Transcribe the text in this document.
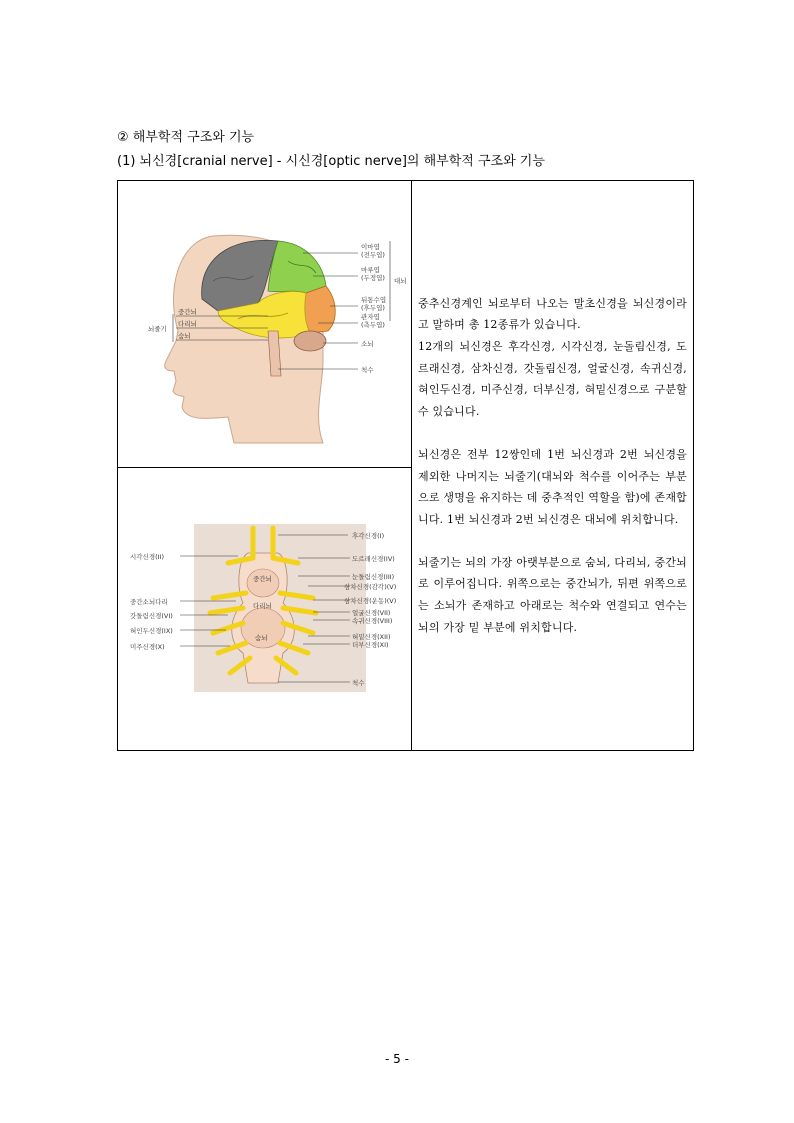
② 해부학적 구조와 기능
(1) 뇌신경[cranial nerve] - 시신경[optic nerve]의 해부학적 구조와 기능
이마엽
(전두엽)
마루엽
(두정엽)
뒤통수엽
(후두엽)
관자엽
(측두엽)
대뇌
소뇌
척수
뇌줄기
중간뇌
다리뇌
숨뇌

중추신경계인 뇌로부터 나오는 말초신경을 뇌신경이라고 말하며 총 12종류가 있습니다.
12개의 뇌신경은 후각신경, 시각신경, 눈돌림신경, 도르래신경, 삼차신경, 갓돌림신경, 얼굴신경, 속귀신경, 혀인두신경, 미주신경, 더부신경, 혀밑신경으로 구분할 수 있습니다.
뇌신경은 전부 12쌍인데 1번 뇌신경과 2번 뇌신경을 제외한 나머지는 뇌줄기(대뇌와 척수를 이어주는 부분으로 생명을 유지하는 데 중추적인 역할을 함)에 존재합니다. 1번 뇌신경과 2번 뇌신경은 대뇌에 위치합니다.
뇌줄기는 뇌의 가장 아랫부분으로 숨뇌, 다리뇌, 중간뇌로 이루어집니다. 위쪽으로는 중간뇌가, 뒤편 위쪽으로는 소뇌가 존재하고 아래로는 척수와 연결되고 연수는 뇌의 가장 밑 부분에 위치합니다.

중간뇌
다리뇌
숨뇌
시각신경(II)
중간소뇌다리
갓돌림신경(VI)
혀인두신경(IX)
미주신경(X)
후각신경(I)
도르래신경(IV)
눈돌림신경(III)
삼차신경(감각)(V)
삼차신경(운동)(V)
얼굴신경(VII)
속귀신경(VIII)
혀밑신경(XII)
더부신경(XI)
척수
- 5 -
